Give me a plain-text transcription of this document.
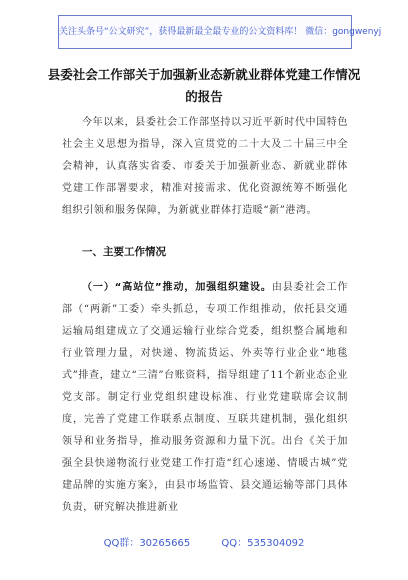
关注头条号“公文研究”，获得最新最全最专业的公文资料库！ 微信：gongwenyj
县委社会工作部关于加强新业态新就业群体党建工作情况
的报告
今年以来，县委社会工作部坚持以习近平新时代中国特色社会主义思想为指导，深入宣贯党的二十大及二十届三中全会精神，认真落实省委、市委关于加强新业态、新就业群体党建工作部署要求，精准对接需求、优化资源统筹不断强化组织引领和服务保障，为新就业群体打造暖“新”港湾。
一、主要工作情况
（一）“高站位”推动，加强组织建设。由县委社会工作部（“两新”工委）牵头抓总，专项工作组推动，依托县交通运输局组建成立了交通运输行业综合党委，组织整合属地和行业管理力量，对快递、物流货运、外卖等行业企业“地毯式”排查，建立“三清”台账资料，指导组建了11个新业态企业党支部。制定行业党组织建设标准、行业党建联席会议制度，完善了党建工作联系点制度、互联共建机制，强化组织领导和业务指导，推动服务资源和力量下沉。出台《关于加强全县快递物流行业党建工作打造“红心速递、情暖古城”党建品牌的实施方案》，由县市场监管、县交通运输等部门具体负责，研究解决推进新业
QQ群：30265665	QQ：535304092
